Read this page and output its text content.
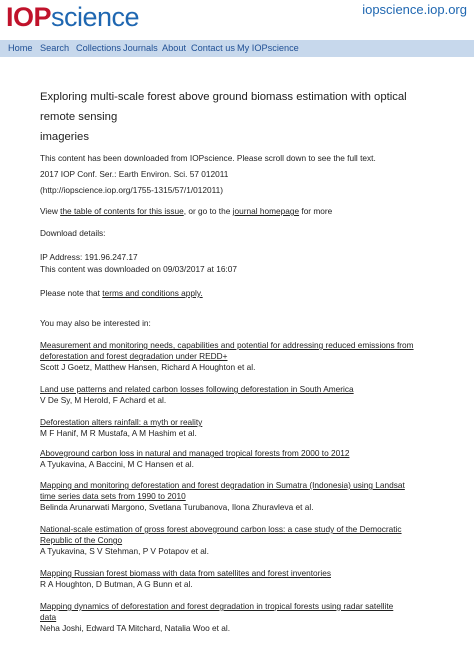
IOPscience	iopscience.iop.org
Home Search Collections Journals About Contact us My IOPscience
Exploring multi-scale forest above ground biomass estimation with optical remote sensing
imageries
This content has been downloaded from IOPscience. Please scroll down to see the full text.
2017 IOP Conf. Ser.: Earth Environ. Sci. 57 012011
(http://iopscience.iop.org/1755-1315/57/1/012011)
View the table of contents for this issue, or go to the journal homepage for more
Download details:
IP Address: 191.96.247.17
This content was downloaded on 09/03/2017 at 16:07
Please note that terms and conditions apply.
You may also be interested in:
Measurement and monitoring needs, capabilities and potential for addressing reduced emissions from
deforestation and forest degradation under REDD+
Scott J Goetz, Matthew Hansen, Richard A Houghton et al.
Land use patterns and related carbon losses following deforestation in South America
V De Sy, M Herold, F Achard et al.
Deforestation alters rainfall: a myth or reality
M F Hanif, M R Mustafa, A M Hashim et al.
Aboveground carbon loss in natural and managed tropical forests from 2000 to 2012
A Tyukavina, A Baccini, M C Hansen et al.
Mapping and monitoring deforestation and forest degradation in Sumatra (Indonesia) using Landsat
time series data sets from 1990 to 2010
Belinda Arunarwati Margono, Svetlana Turubanova, Ilona Zhuravleva et al.
National-scale estimation of gross forest aboveground carbon loss: a case study of the Democratic
Republic of the Congo
A Tyukavina, S V Stehman, P V Potapov et al.
Mapping Russian forest biomass with data from satellites and forest inventories
R A Houghton, D Butman, A G Bunn et al.
Mapping dynamics of deforestation and forest degradation in tropical forests using radar satellite
data
Neha Joshi, Edward TA Mitchard, Natalia Woo et al.
